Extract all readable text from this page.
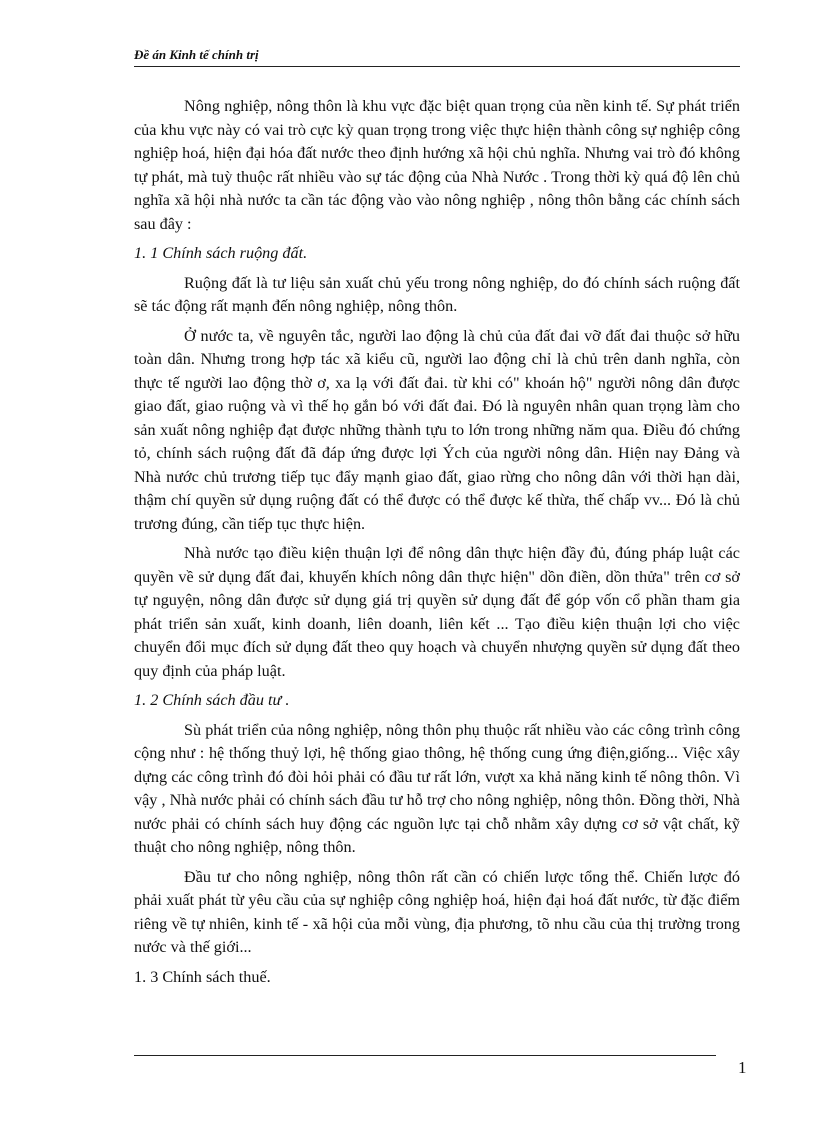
Đề án Kinh tế chính trị

Nông nghiệp, nông thôn là khu vực đặc biệt quan trọng của nền kinh tế. Sự phát triển của khu vực này có vai trò cực kỳ quan trọng trong việc thực hiện thành công sự nghiệp công nghiệp hoá, hiện đại hóa đất nước theo định hướng xã hội chủ nghĩa. Nhưng vai trò đó không tự phát, mà tuỳ thuộc rất nhiều vào sự tác động của Nhà Nước . Trong thời kỳ quá độ lên chủ nghĩa xã hội nhà nước ta cần tác động vào vào nông nghiệp , nông thôn bằng các chính sách sau đây :

1. 1 Chính sách ruộng đất.

Ruộng đất là tư liệu sản xuất chủ yếu trong nông nghiệp, do đó chính sách ruộng đất sẽ tác động rất mạnh đến nông nghiệp, nông thôn.

Ở nước ta, về nguyên tắc, người lao động là chủ của đất đai vỡ đất đai thuộc sở hữu toàn dân. Nhưng trong hợp tác xã kiểu cũ, người lao động chỉ là chủ trên danh nghĩa, còn thực tế người lao động thờ ơ, xa lạ với đất đai. từ khi có" khoán hộ" người nông dân được giao đất, giao ruộng và vì thế họ gắn bó với đất đai. Đó là nguyên nhân quan trọng làm cho sản xuất nông nghiệp đạt được những thành tựu to lớn trong những năm qua. Điều đó chứng tỏ, chính sách ruộng đất đã đáp ứng được lợi Ých của người nông dân. Hiện nay Đảng và Nhà nước chủ trương tiếp tục đẩy mạnh giao đất, giao rừng cho nông dân với thời hạn dài, thậm chí quyền sử dụng ruộng đất có thể được có thể được kế thừa, thế chấp vv... Đó là chủ trương đúng, cần tiếp tục thực hiện.

Nhà nước tạo điều kiện thuận lợi để nông dân thực hiện đầy đủ, đúng pháp luật các quyền về sử dụng đất đai, khuyến khích nông dân thực hiện" dồn điền, dồn thửa" trên cơ sở tự nguyện, nông dân được sử dụng giá trị quyền sử dụng đất để góp vốn cổ phần tham gia phát triển sản xuất, kinh doanh, liên doanh, liên kết ... Tạo điều kiện thuận lợi cho việc chuyển đổi mục đích sử dụng đất theo quy hoạch và chuyển nhượng quyền sử dụng đất theo quy định của pháp luật.

1. 2 Chính sách đầu tư .

Sù phát triển của nông nghiệp, nông thôn phụ thuộc rất nhiều vào các công trình công cộng như : hệ thống thuỷ lợi, hệ thống giao thông, hệ thống cung ứng điện,giống... Việc xây dựng các công trình đó đòi hỏi phải có đầu tư rất lớn, vượt xa khả năng kinh tế nông thôn. Vì vậy , Nhà nước phải có chính sách đầu tư hỗ trợ cho nông nghiệp, nông thôn. Đồng thời, Nhà nước phải có chính sách huy động các nguồn lực tại chỗ nhằm xây dựng cơ sở vật chất, kỹ thuật cho nông nghiệp, nông thôn.

Đầu tư cho nông nghiệp, nông thôn rất cần có chiến lược tổng thể. Chiến lược đó phải xuất phát từ yêu cầu của sự nghiệp công nghiệp hoá, hiện đại hoá đất nước, từ đặc điểm riêng về tự nhiên, kinh tế - xã hội của mỗi vùng, địa phương, tõ nhu cầu của thị trường trong nước và thế giới...

1. 3 Chính sách thuế.
1
